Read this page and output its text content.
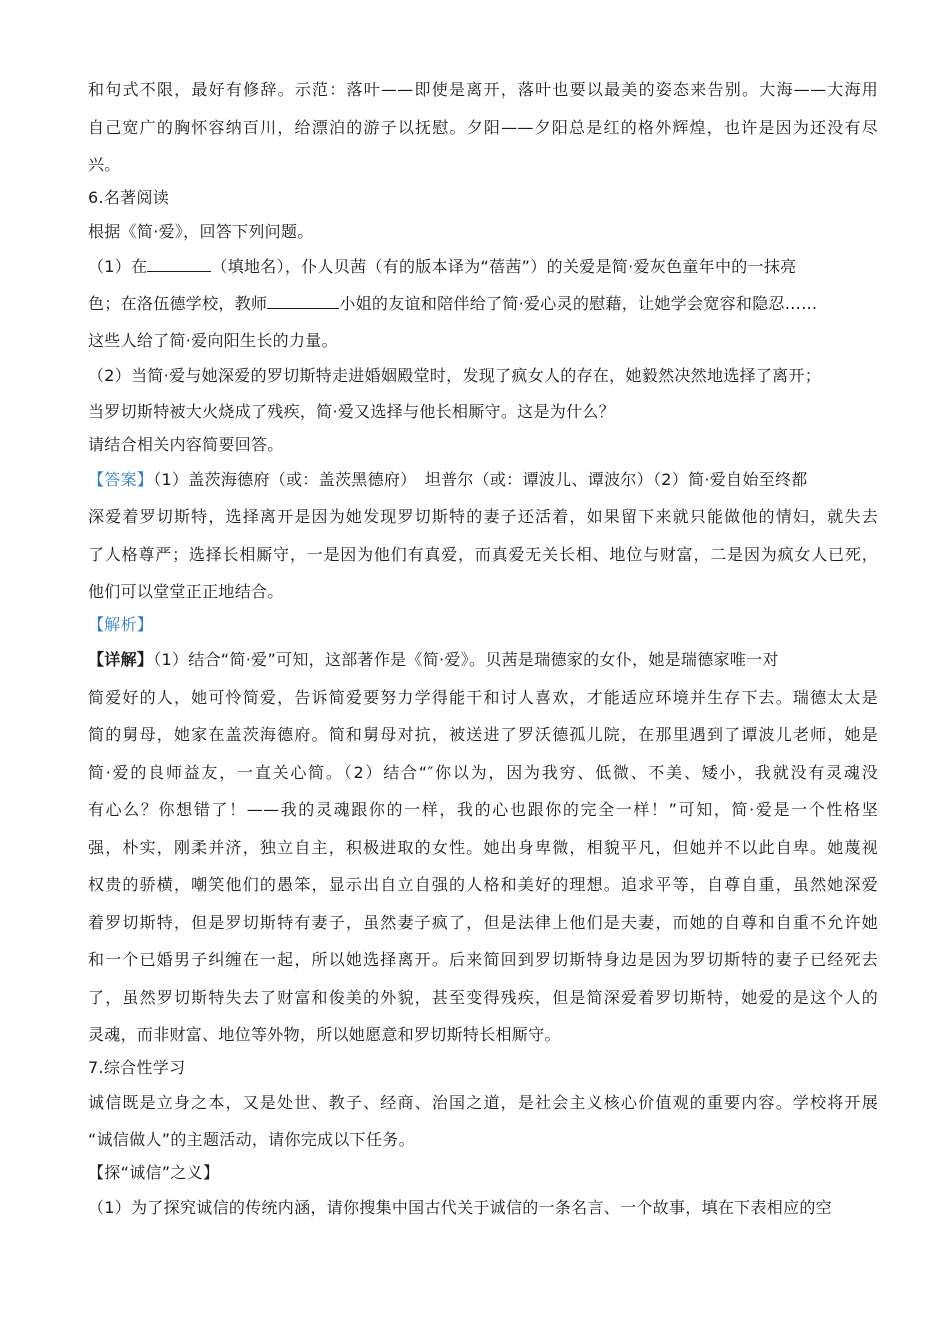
和句式不限，最好有修辞。示范：落叶——即使是离开，落叶也要以最美的姿态来告别。大海——大海用
自己宽广的胸怀容纳百川，给漂泊的游子以抚慰。夕阳——夕阳总是红的格外辉煌，也许是因为还没有尽
兴。
6.名著阅读
根据《简·爱》，回答下列问题。
（1）在	（填地名），仆人贝茜（有的版本译为“蓓茜”）的关爱是简·爱灰色童年中的一抹亮
色；在洛伍德学校，教师	小姐的友谊和陪伴给了简·爱心灵的慰藉，让她学会宽容和隐忍……
这些人给了简·爱向阳生长的力量。
（2）当简·爱与她深爱的罗切斯特走进婚姻殿堂时，发现了疯女人的存在，她毅然决然地选择了离开；
当罗切斯特被大火烧成了残疾，简·爱又选择与他长相厮守。这是为什么？
请结合相关内容简要回答。
【答案】（1）盖茨海德府（或：盖茨黑德府）　坦普尔（或：谭波儿、谭波尔）（2）简·爱自始至终都
深爱着罗切斯特，选择离开是因为她发现罗切斯特的妻子还活着，如果留下来就只能做他的情妇，就失去
了人格尊严；选择长相厮守，一是因为他们有真爱，而真爱无关长相、地位与财富，二是因为疯女人已死，
他们可以堂堂正正地结合。
【解析】
【详解】（1）结合“简·爱”可知，这部著作是《简·爱》。贝茜是瑞德家的女仆，她是瑞德家唯一对
简爱好的人，她可怜简爱，告诉简爱要努力学得能干和讨人喜欢，才能适应环境并生存下去。瑞德太太是
简的舅母，她家在盖茨海德府。简和舅母对抗，被送进了罗沃德孤儿院，在那里遇到了谭波儿老师，她是
简·爱的良师益友，一直关心简。（2）结合“″你以为，因为我穷、低微、不美、矮小，我就没有灵魂没
有心么？你想错了！——我的灵魂跟你的一样，我的心也跟你的完全一样！”可知，简·爱是一个性格坚
强，朴实，刚柔并济，独立自主，积极进取的女性。她出身卑微，相貌平凡，但她并不以此自卑。她蔑视
权贵的骄横，嘲笑他们的愚笨，显示出自立自强的人格和美好的理想。追求平等，自尊自重，虽然她深爱
着罗切斯特，但是罗切斯特有妻子，虽然妻子疯了，但是法律上他们是夫妻，而她的自尊和自重不允许她
和一个已婚男子纠缠在一起，所以她选择离开。后来简回到罗切斯特身边是因为罗切斯特的妻子已经死去
了，虽然罗切斯特失去了财富和俊美的外貌，甚至变得残疾，但是简深爱着罗切斯特，她爱的是这个人的
灵魂，而非财富、地位等外物，所以她愿意和罗切斯特长相厮守。
7.综合性学习
诚信既是立身之本，又是处世、教子、经商、治国之道，是社会主义核心价值观的重要内容。学校将开展
“诚信做人”的主题活动，请你完成以下任务。
【探“诚信”之义】
（1）为了探究诚信的传统内涵，请你搜集中国古代关于诚信的一条名言、一个故事，填在下表相应的空
